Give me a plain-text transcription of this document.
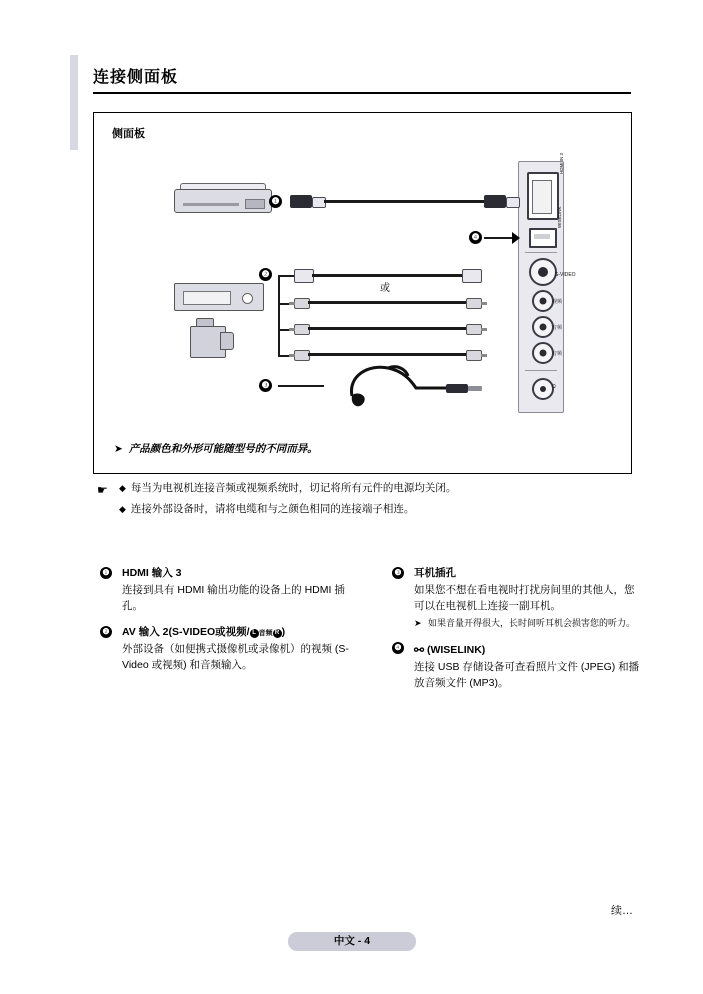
连接侧面板
侧面板
HDMI IN 3
WISELINK
S-VIDEO
视频
音频
音频
Ω
❶
❹
❷
或
❸
➤ 产品颜色和外形可能随型号的不同而异。
☛ ◆ 每当为电视机连接音频或视频系统时，切记将所有元件的电源均关闭。
◆ 连接外部设备时，请将电缆和与之颜色相同的连接端子相连。
❶ HDMI 输入 3
连接到具有 HDMI 输出功能的设备上的 HDMI 插孔。
❷ AV 输入 2(S-VIDEO或视频/ L 音频 R )
外部设备（如便携式摄像机或录像机）的视频 (S-Video 或视频) 和音频输入。
❸ 耳机插孔
如果您不想在看电视时打扰房间里的其他人，您可以在电视机上连接一副耳机。
➤ 如果音量开得很大，长时间听耳机会损害您的听力。
❹ ⚯ (WISELINK)
连接 USB 存储设备可查看照片文件 (JPEG) 和播放音频文件 (MP3)。
续…
中文 - 4
